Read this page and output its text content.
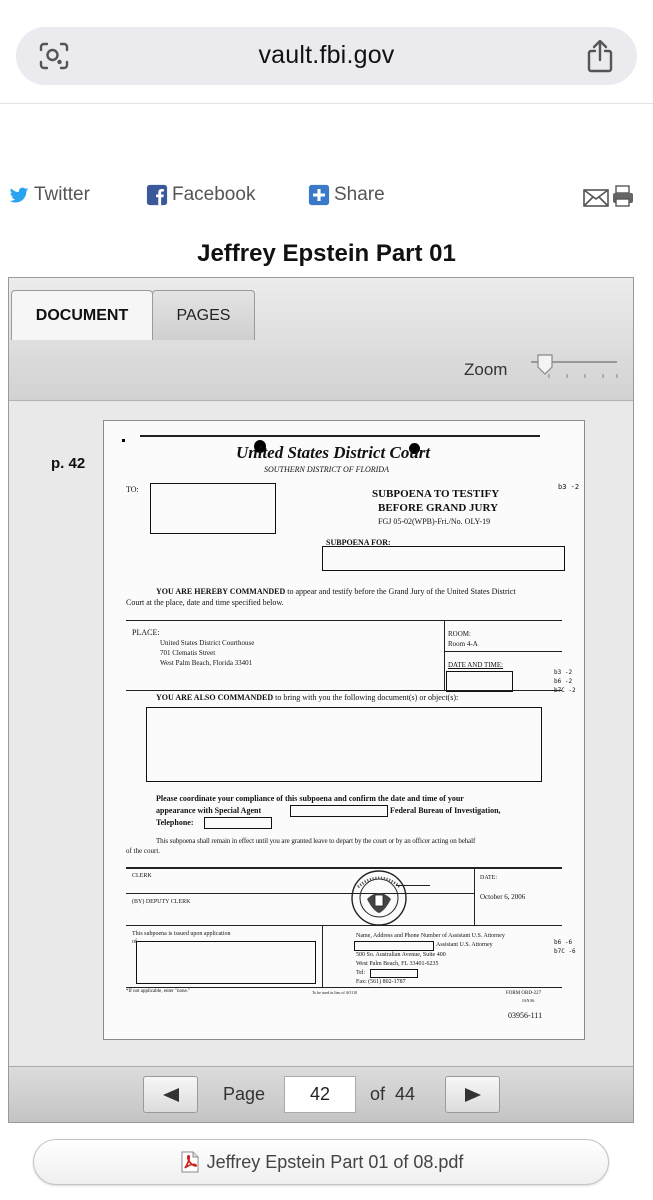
vault.fbi.gov
Twitter	Facebook	Share
Jeffrey Epstein Part 01
DOCUMENT	PAGES
Zoom
p. 42
United States District Court
SOUTHERN DISTRICT OF FLORIDA
TO:	SUBPOENA TO TESTIFY
BEFORE GRAND JURY
FGJ 05-02(WPB)-Fri./No. OLY-19
b3 -2
SUBPOENA FOR:
YOU ARE HEREBY COMMANDED to appear and testify before the Grand Jury of the United States District
Court at the place, date and time specified below.
PLACE:
United States District Courthouse
701 Clematis Street
West Palm Beach, Florida 33401
ROOM:
Room 4-A
DATE AND TIME:
b3 -2
b6 -2
b7C -2
YOU ARE ALSO COMMANDED to bring with you the following document(s) or object(s):
Please coordinate your compliance of this subpoena and confirm the date and time of your
appearance with Special Agent	Federal Bureau of Investigation,
Telephone:
This subpoena shall remain in effect until you are granted leave to depart by the court or by an officer acting on behalf
of the court.
CLERK
(BY) DEPUTY CLERK
DATE:
October 6, 2006
This subpoena is issued upon application
of
Name, Address and Phone Number of Assistant U.S. Attorney
Assistant U.S. Attorney
500 So. Australian Avenue, Suite 400
West Palm Beach, FL 33401-6235
Tel:
Fax: (561) 802-1787
b6 -6
b7C -6
*If not applicable, enter "none."	To be used in lieu of AO110	FORM OBD-227
JAN.86
03956-111
Page	42	of 44
Jeffrey Epstein Part 01 of 08.pdf
